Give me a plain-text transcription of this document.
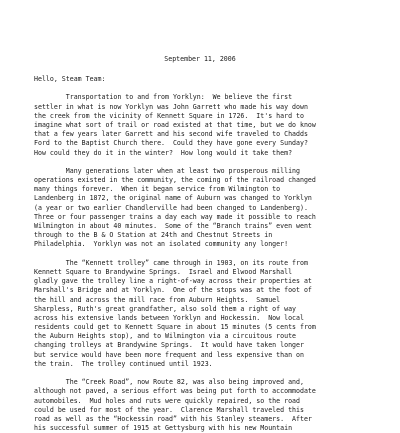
September 11, 2006
Hello, Steam Team:
Transportation to and from Yorklyn:  We believe the first
settler in what is now Yorklyn was John Garrett who made his way down
the creek from the vicinity of Kennett Square in 1726.  It's hard to
imagine what sort of trail or road existed at that time, but we do know
that a few years later Garrett and his second wife traveled to Chadds
Ford to the Baptist Church there.  Could they have gone every Sunday?
How could they do it in the winter?  How long would it take them?
Many generations later when at least two prosperous milling
operations existed in the community, the coming of the railroad changed
many things forever.  When it began service from Wilmington to
Landenberg in 1872, the original name of Auburn was changed to Yorklyn
(a year or two earlier Chandlerville had been changed to Landenberg).
Three or four passenger trains a day each way made it possible to reach
Wilmington in about 40 minutes.  Some of the “Branch trains” even went
through to the B & O Station at 24th and Chestnut Streets in
Philadelphia.  Yorklyn was not an isolated community any longer!
The “Kennett trolley” came through in 1903, on its route from
Kennett Square to Brandywine Springs.  Israel and Elwood Marshall
gladly gave the trolley line a right-of-way across their properties at
Marshall's Bridge and at Yorklyn.  One of the stops was at the foot of
the hill and across the mill race from Auburn Heights.  Samuel
Sharpless, Ruth's great grandfather, also sold them a right of way
across his extensive lands between Yorklyn and Hockessin.  Now local
residents could get to Kennett Square in about 15 minutes (5 cents from
the Auburn Heights stop), and to Wilmington via a circuitous route
changing trolleys at Brandywine Springs.  It would have taken longer
but service would have been more frequent and less expensive than on
the train.  The trolley continued until 1923.
The “Creek Road”, now Route 82, was also being improved and,
although not paved, a serious effort was being put forth to accommodate
automobiles.  Mud holes and ruts were quickly repaired, so the road
could be used for most of the year.  Clarence Marshall traveled this
road as well as the “Hockessin road” with his Stanley steamers.  After
his successful summer of 1915 at Gettysburg with his new Mountain
